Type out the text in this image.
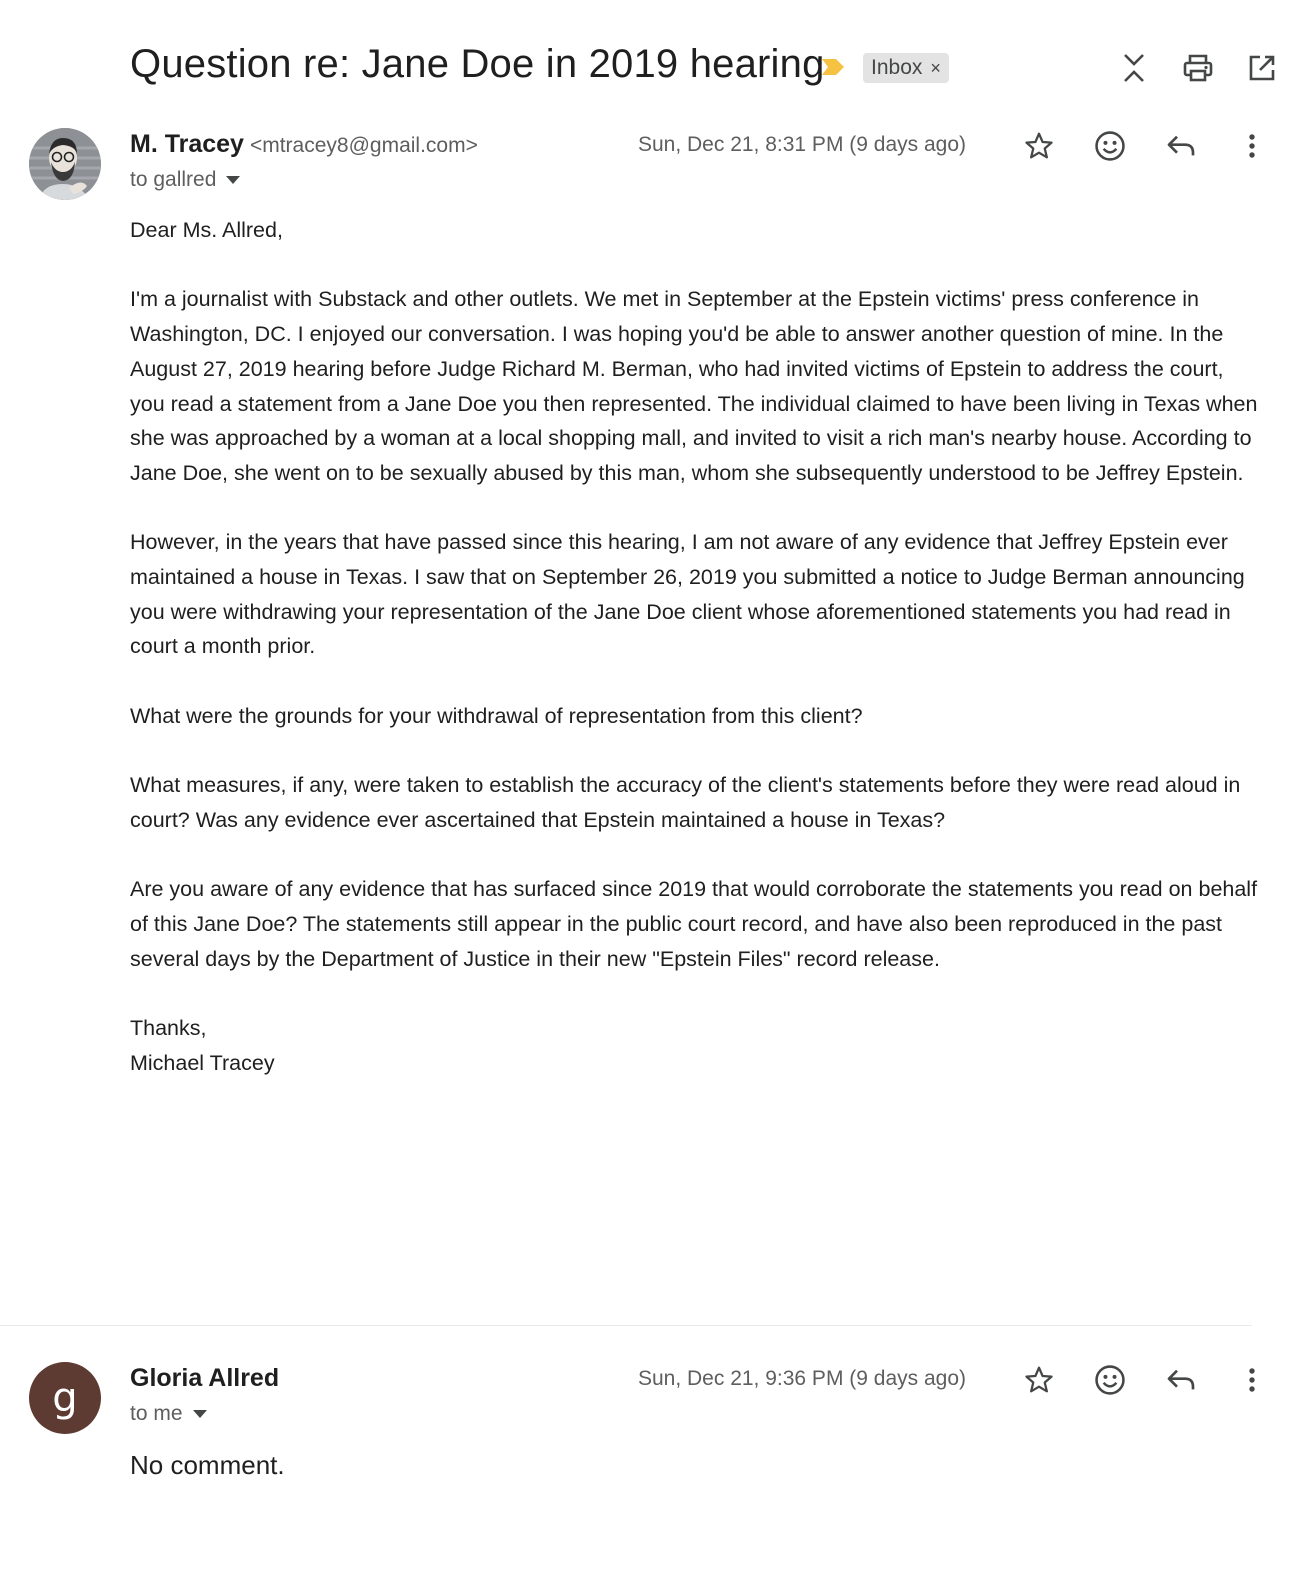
Question re: Jane Doe in 2019 hearing Inbox ×
M. Tracey <mtracey8@gmail.com>
to gallred
Sun, Dec 21, 8:31 PM (9 days ago)

Dear Ms. Allred,

I'm a journalist with Substack and other outlets. We met in September at the Epstein victims' press conference in Washington, DC. I enjoyed our conversation. I was hoping you'd be able to answer another question of mine. In the August 27, 2019 hearing before Judge Richard M. Berman, who had invited victims of Epstein to address the court, you read a statement from a Jane Doe you then represented. The individual claimed to have been living in Texas when she was approached by a woman at a local shopping mall, and invited to visit a rich man's nearby house. According to Jane Doe, she went on to be sexually abused by this man, whom she subsequently understood to be Jeffrey Epstein.

However, in the years that have passed since this hearing, I am not aware of any evidence that Jeffrey Epstein ever maintained a house in Texas. I saw that on September 26, 2019 you submitted a notice to Judge Berman announcing you were withdrawing your representation of the Jane Doe client whose aforementioned statements you had read in court a month prior.

What were the grounds for your withdrawal of representation from this client?

What measures, if any, were taken to establish the accuracy of the client's statements before they were read aloud in court? Was any evidence ever ascertained that Epstein maintained a house in Texas?

Are you aware of any evidence that has surfaced since 2019 that would corroborate the statements you read on behalf of this Jane Doe? The statements still appear in the public court record, and have also been reproduced in the past several days by the Department of Justice in their new "Epstein Files" record release.

Thanks,
Michael Tracey
g	Gloria Allred
to me
Sun, Dec 21, 9:36 PM (9 days ago)
No comment.
